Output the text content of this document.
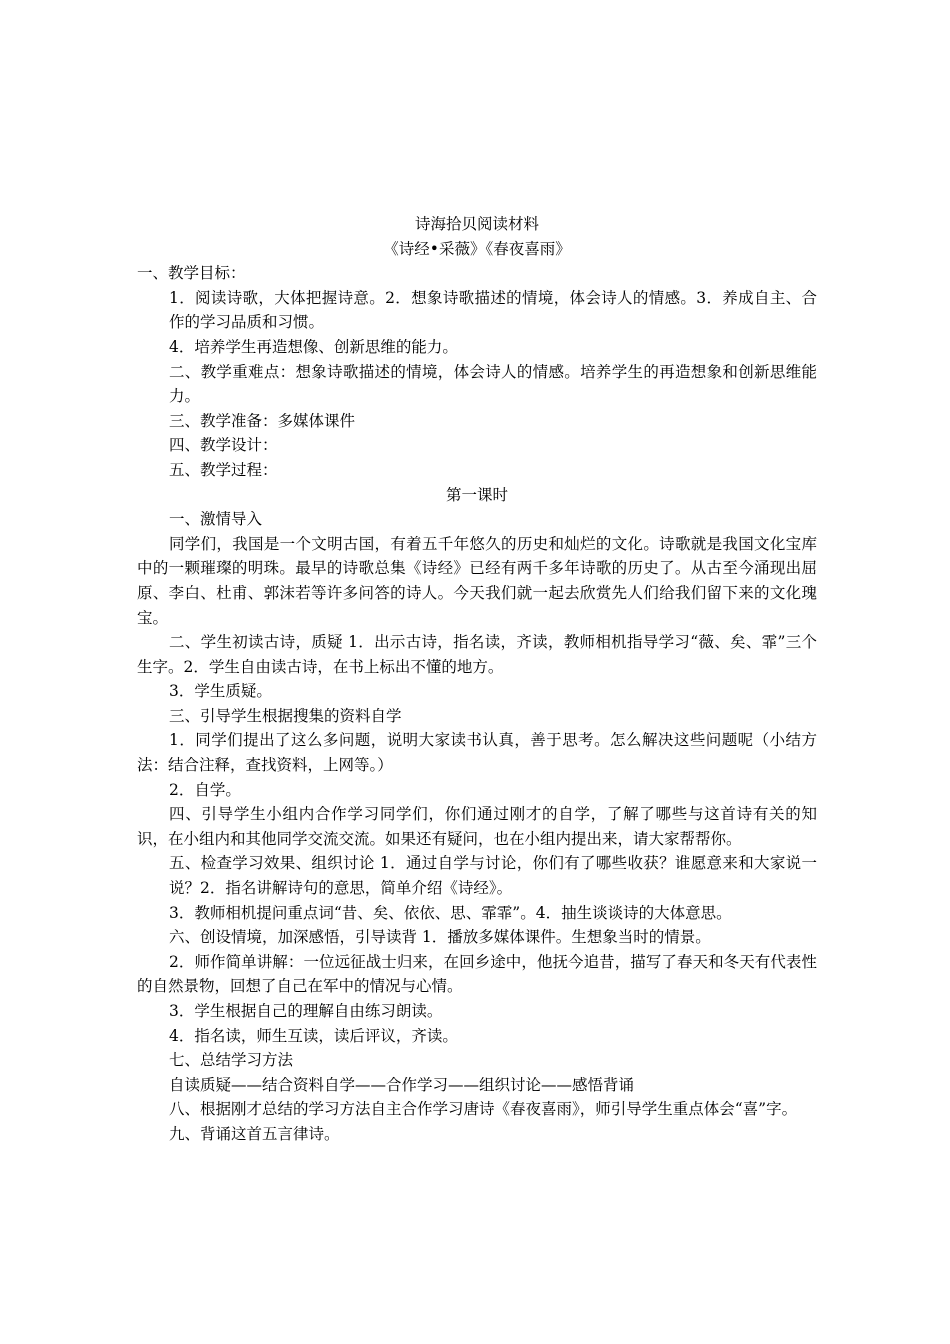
诗海拾贝阅读材料

《诗经•采薇》《春夜喜雨》

一、教学目标：

1．阅读诗歌，大体把握诗意。2．想象诗歌描述的情境，体会诗人的情感。3．养成自主、合作的学习品质和习惯。

4．培养学生再造想像、创新思维的能力。

二、教学重难点：想象诗歌描述的情境，体会诗人的情感。培养学生的再造想象和创新思维能力。

三、教学准备：多媒体课件

四、教学设计：

五、教学过程：

第一课时

一、激情导入

同学们，我国是一个文明古国，有着五千年悠久的历史和灿烂的文化。诗歌就是我国文化宝库中的一颗璀璨的明珠。最早的诗歌总集《诗经》已经有两千多年诗歌的历史了。从古至今涌现出屈原、李白、杜甫、郭沫若等许多问答的诗人。今天我们就一起去欣赏先人们给我们留下来的文化瑰宝。

二、学生初读古诗，质疑 1．出示古诗，指名读，齐读，教师相机指导学习“薇、矣、霏”三个生字。2．学生自由读古诗，在书上标出不懂的地方。

3．学生质疑。

三、引导学生根据搜集的资料自学

1．同学们提出了这么多问题，说明大家读书认真，善于思考。怎么解决这些问题呢（小结方法：结合注释，查找资料，上网等。）

2．自学。

四、引导学生小组内合作学习同学们，你们通过刚才的自学，了解了哪些与这首诗有关的知识，在小组内和其他同学交流交流。如果还有疑问，也在小组内提出来，请大家帮帮你。

五、检查学习效果、组织讨论 1．通过自学与讨论，你们有了哪些收获？谁愿意来和大家说一说？2．指名讲解诗句的意思，简单介绍《诗经》。

3．教师相机提问重点词“昔、矣、依依、思、霏霏”。4．抽生谈谈诗的大体意思。

六、创设情境，加深感悟，引导读背 1．播放多媒体课件。生想象当时的情景。

2．师作简单讲解：一位远征战士归来，在回乡途中，他抚今追昔，描写了春天和冬天有代表性的自然景物，回想了自己在军中的情况与心情。

3．学生根据自己的理解自由练习朗读。

4．指名读，师生互读，读后评议，齐读。

七、总结学习方法

自读质疑——结合资料自学——合作学习——组织讨论——感悟背诵

八、根据刚才总结的学习方法自主合作学习唐诗《春夜喜雨》，师引导学生重点体会“喜”字。

九、背诵这首五言律诗。
